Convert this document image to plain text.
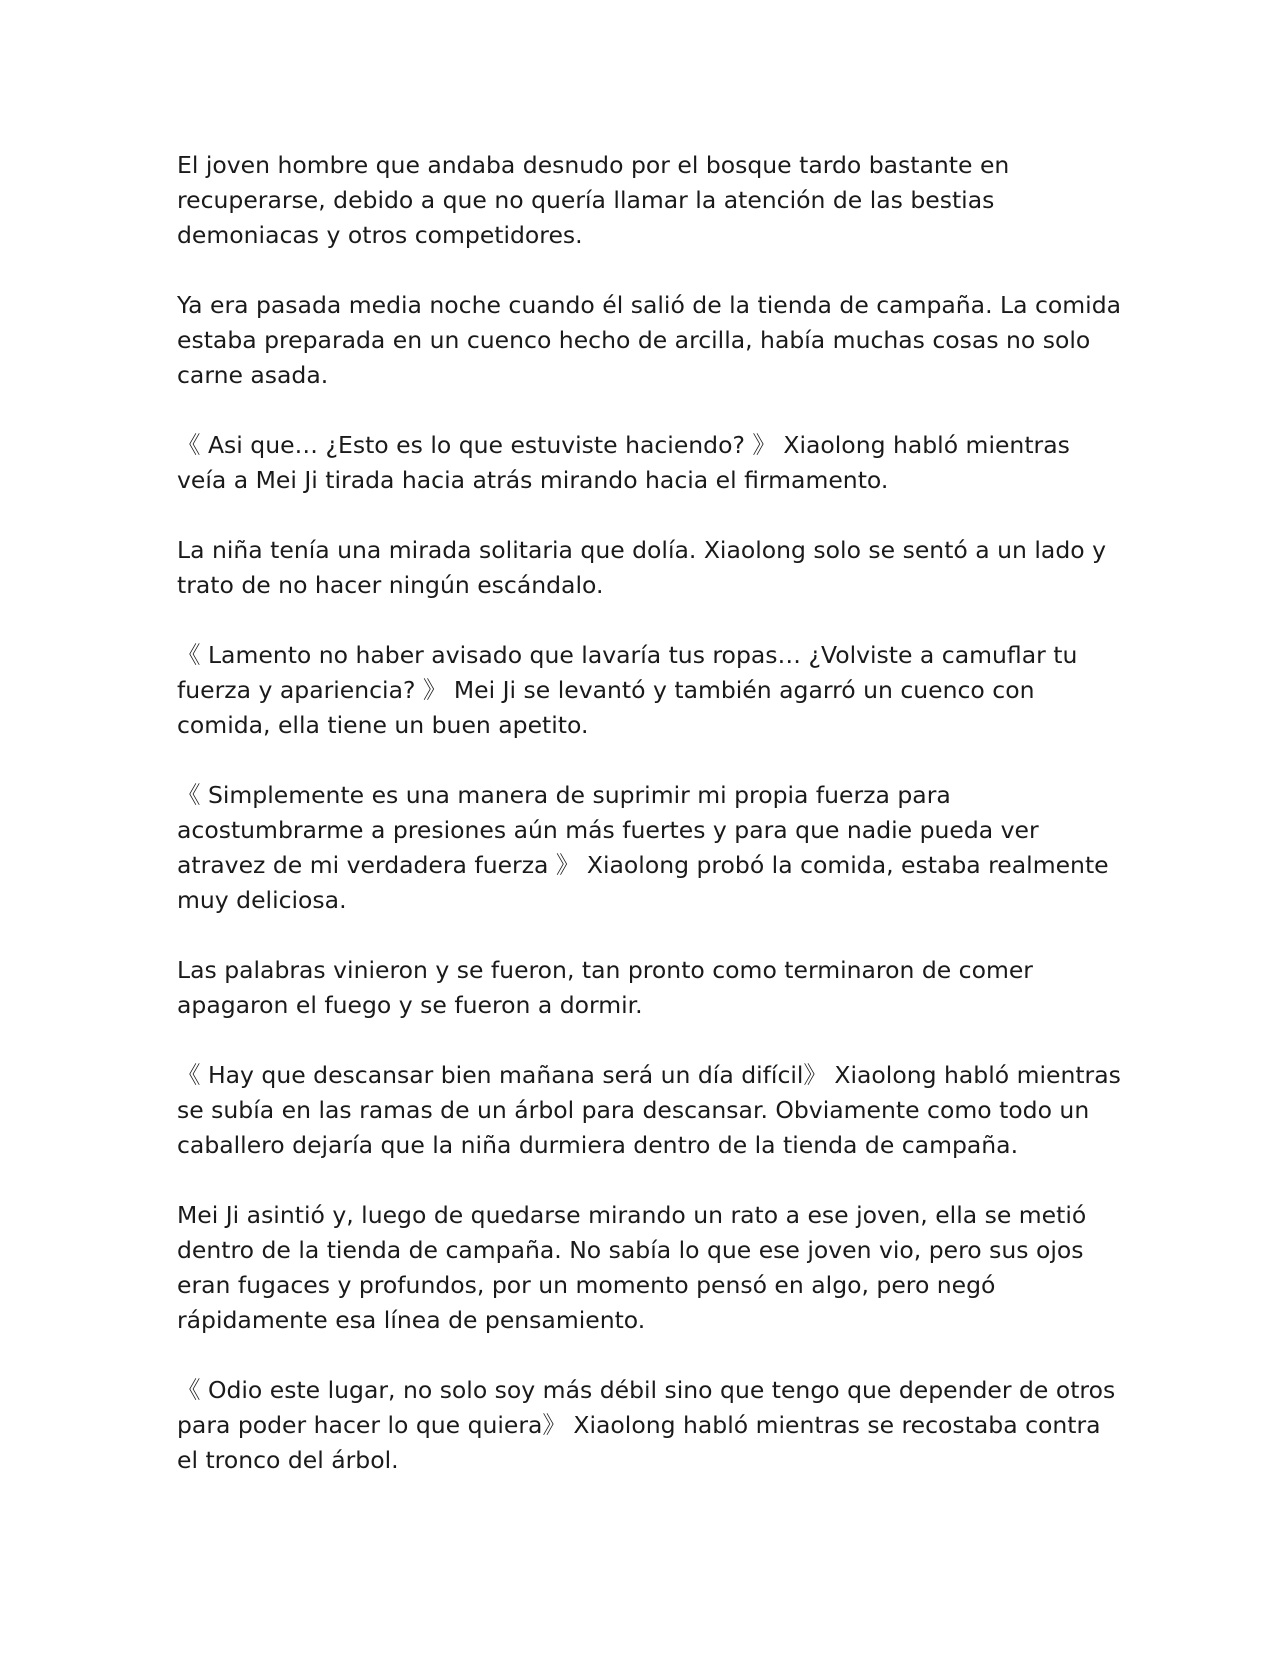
El joven hombre que andaba desnudo por el bosque tardo bastante en
recuperarse, debido a que no quería llamar la atención de las bestias
demoniacas y otros competidores.

Ya era pasada media noche cuando él salió de la tienda de campaña. La comida
estaba preparada en un cuenco hecho de arcilla, había muchas cosas no solo
carne asada.

《 Asi que… ¿Esto es lo que estuviste haciendo? 》 Xiaolong habló mientras
veía a Mei Ji tirada hacia atrás mirando hacia el firmamento.

La niña tenía una mirada solitaria que dolía. Xiaolong solo se sentó a un lado y
trato de no hacer ningún escándalo.

《 Lamento no haber avisado que lavaría tus ropas… ¿Volviste a camuflar tu
fuerza y apariencia? 》 Mei Ji se levantó y también agarró un cuenco con
comida, ella tiene un buen apetito.

《 Simplemente es una manera de suprimir mi propia fuerza para
acostumbrarme a presiones aún más fuertes y para que nadie pueda ver
atravez de mi verdadera fuerza 》 Xiaolong probó la comida, estaba realmente
muy deliciosa.

Las palabras vinieron y se fueron, tan pronto como terminaron de comer
apagaron el fuego y se fueron a dormir.

《 Hay que descansar bien mañana será un día difícil》 Xiaolong habló mientras
se subía en las ramas de un árbol para descansar. Obviamente como todo un
caballero dejaría que la niña durmiera dentro de la tienda de campaña.

Mei Ji asintió y, luego de quedarse mirando un rato a ese joven, ella se metió
dentro de la tienda de campaña. No sabía lo que ese joven vio, pero sus ojos
eran fugaces y profundos, por un momento pensó en algo, pero negó
rápidamente esa línea de pensamiento.

《 Odio este lugar, no solo soy más débil sino que tengo que depender de otros
para poder hacer lo que quiera》 Xiaolong habló mientras se recostaba contra
el tronco del árbol.
